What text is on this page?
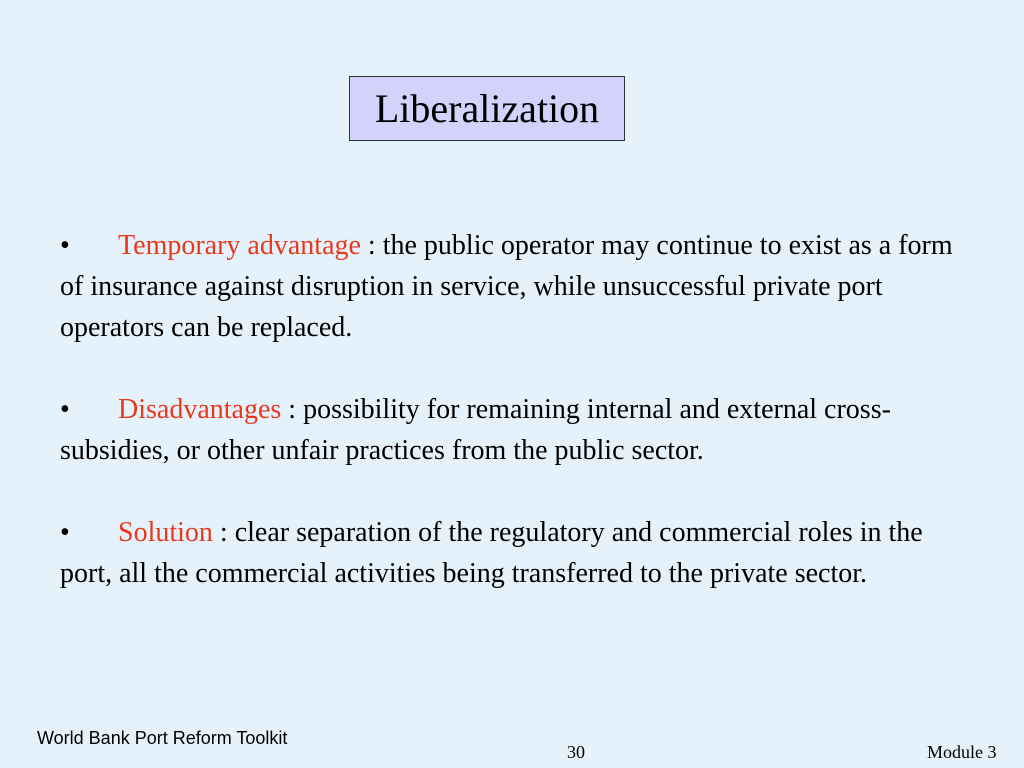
Liberalization

• Temporary advantage : the public operator may continue to exist as a form of insurance against disruption in service, while unsuccessful private port operators can be replaced.

• Disadvantages : possibility for remaining internal and external cross-subsidies, or other unfair practices from the public sector.

• Solution : clear separation of the regulatory and commercial roles in the port, all the commercial activities being transferred to the private sector.

World Bank Port Reform Toolkit
30	Module 3
